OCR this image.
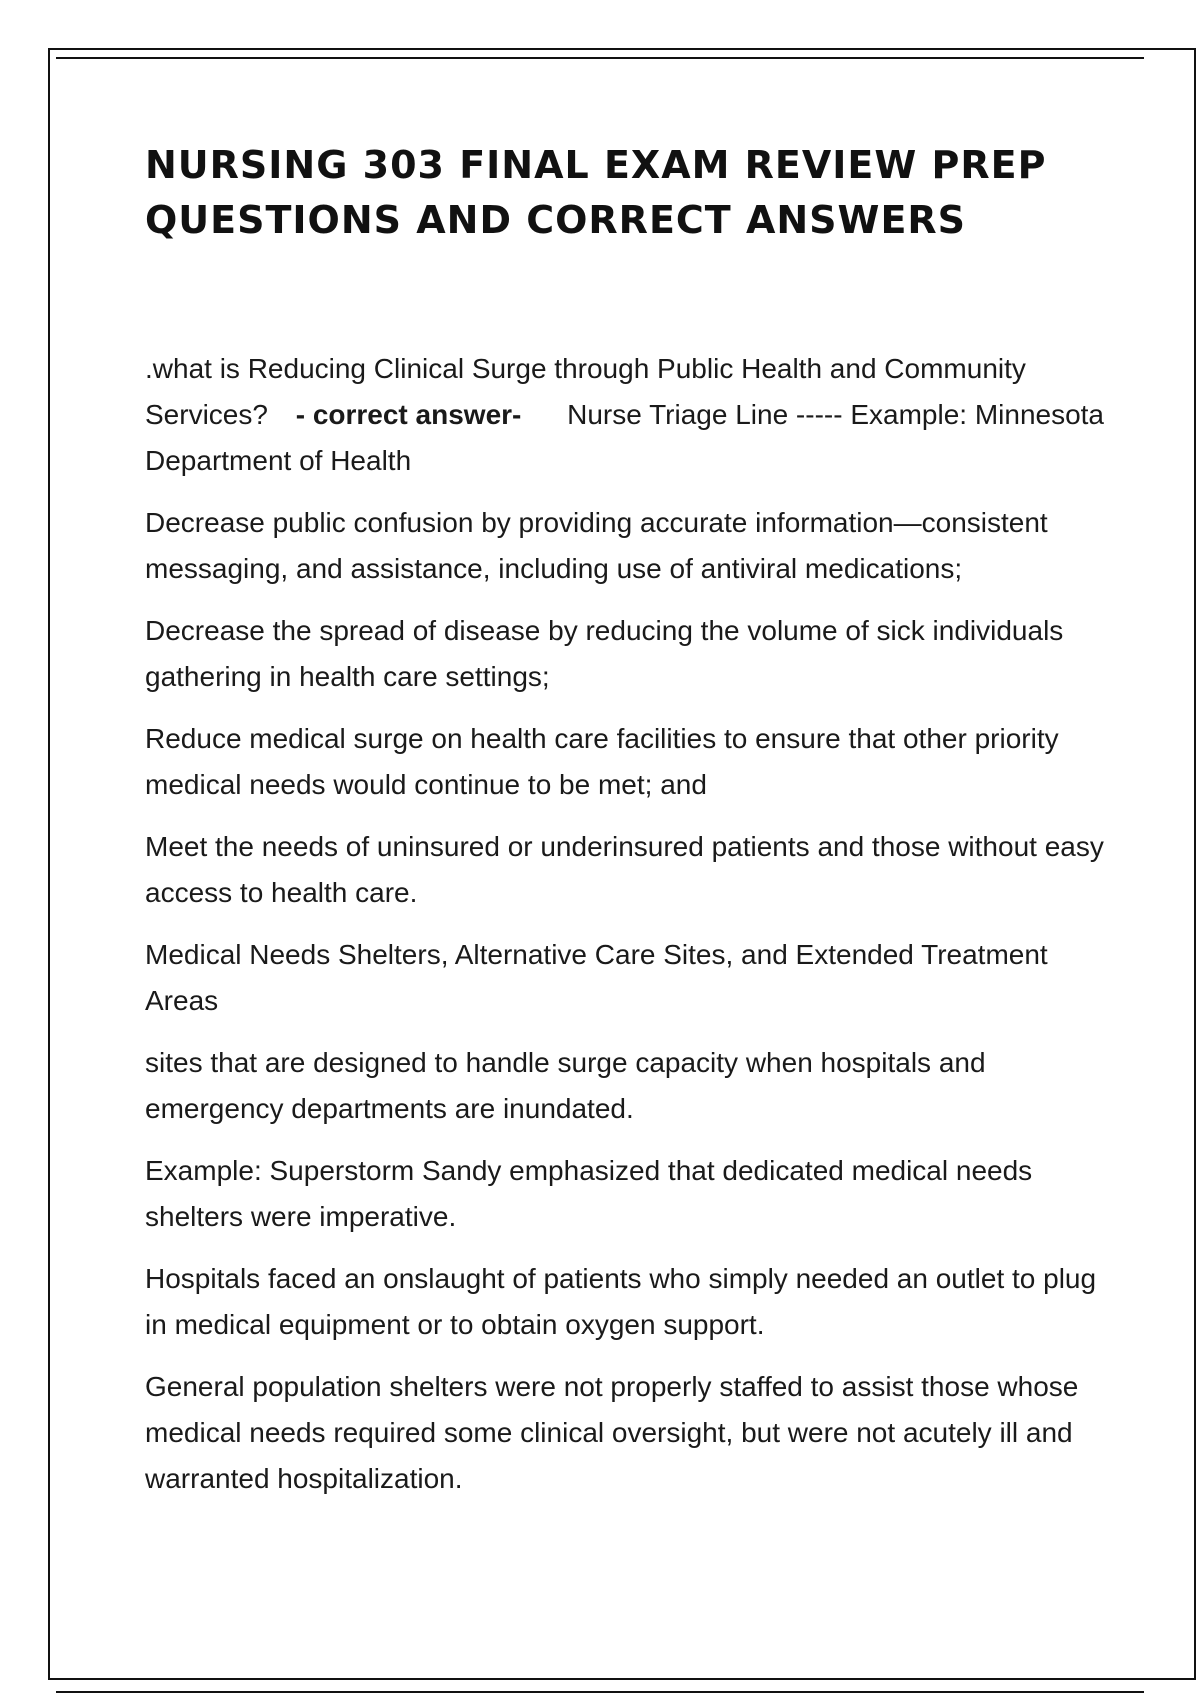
NURSING 303 FINAL EXAM REVIEW PREP QUESTIONS AND CORRECT ANSWERS

.what is Reducing Clinical Surge through Public Health and Community Services? - correct answer- Nurse Triage Line ----- Example: Minnesota Department of Health

Decrease public confusion by providing accurate information—consistent messaging, and assistance, including use of antiviral medications;

Decrease the spread of disease by reducing the volume of sick individuals gathering in health care settings;

Reduce medical surge on health care facilities to ensure that other priority medical needs would continue to be met; and

Meet the needs of uninsured or underinsured patients and those without easy access to health care.

Medical Needs Shelters, Alternative Care Sites, and Extended Treatment Areas

sites that are designed to handle surge capacity when hospitals and emergency departments are inundated.

Example: Superstorm Sandy emphasized that dedicated medical needs shelters were imperative.

Hospitals faced an onslaught of patients who simply needed an outlet to plug in medical equipment or to obtain oxygen support.

General population shelters were not properly staffed to assist those whose medical needs required some clinical oversight, but were not acutely ill and warranted hospitalization.
